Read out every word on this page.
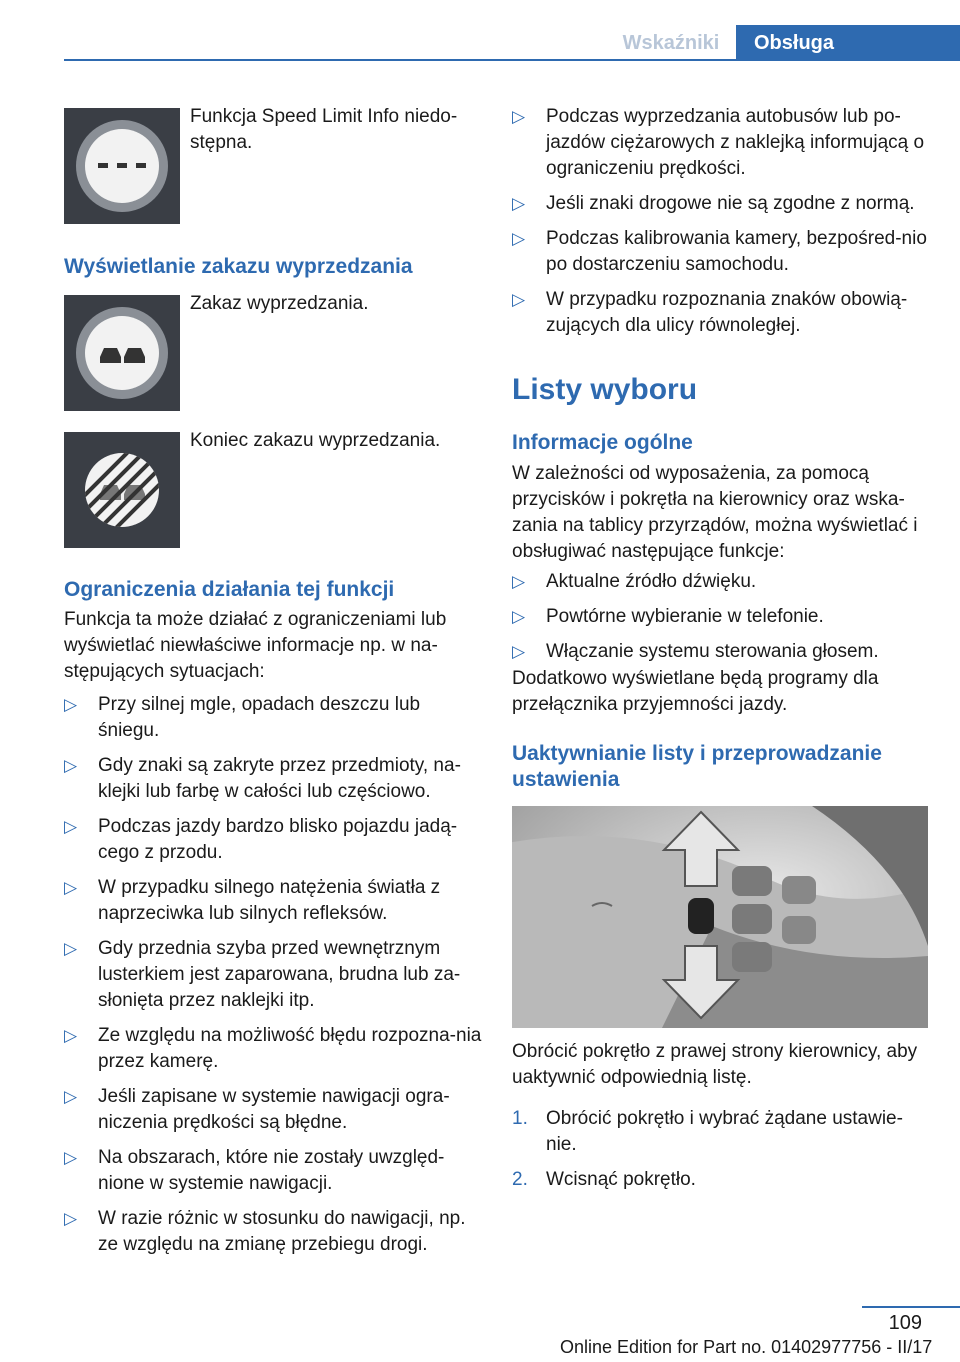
Wskaźniki	Obsługa
Funkcja Speed Limit Info niedo‐stępna.
Wyświetlanie zakazu wyprzedzania
Zakaz wyprzedzania.
Koniec zakazu wyprzedzania.
Ograniczenia działania tej funkcji
Funkcja ta może działać z ograniczeniami lub wyświetlać niewłaściwe informacje np. w na‐stępujących sytuacjach:
▷ Przy silnej mgle, opadach deszczu lub śniegu.
▷ Gdy znaki są zakryte przez przedmioty, na‐klejki lub farbę w całości lub częściowo.
▷ Podczas jazdy bardzo blisko pojazdu jadą‐cego z przodu.
▷ W przypadku silnego natężenia światła z naprzeciwka lub silnych refleksów.
▷ Gdy przednia szyba przed wewnętrznym lusterkiem jest zaparowana, brudna lub za‐słonięta przez naklejki itp.
▷ Ze względu na możliwość błędu rozpozna‐nia przez kamerę.
▷ Jeśli zapisane w systemie nawigacji ogra‐niczenia prędkości są błędne.
▷ Na obszarach, które nie zostały uwzględ‐nione w systemie nawigacji.
▷ W razie różnic w stosunku do nawigacji, np. ze względu na zmianę przebiegu drogi.
▷ Podczas wyprzedzania autobusów lub po‐jazdów ciężarowych z naklejką informującą o ograniczeniu prędkości.
▷ Jeśli znaki drogowe nie są zgodne z normą.
▷ Podczas kalibrowania kamery, bezpośred‐nio po dostarczeniu samochodu.
▷ W przypadku rozpoznania znaków obowią‐zujących dla ulicy równoległej.
Listy wyboru
Informacje ogólne
W zależności od wyposażenia, za pomocą przycisków i pokrętła na kierownicy oraz wska‐zania na tablicy przyrządów, można wyświetlać i obsługiwać następujące funkcje:
▷ Aktualne źródło dźwięku.
▷ Powtórne wybieranie w telefonie.
▷ Włączanie systemu sterowania głosem.
Dodatkowo wyświetlane będą programy dla przełącznika przyjemności jazdy.
Uaktywnianie listy i przeprowadzanie ustawienia
Obrócić pokrętło z prawej strony kierownicy, aby uaktywnić odpowiednią listę.
1. Obrócić pokrętło i wybrać żądane ustawie‐nie.
2. Wcisnąć pokrętło.
109
Online Edition for Part no. 01402977756 - II/17
